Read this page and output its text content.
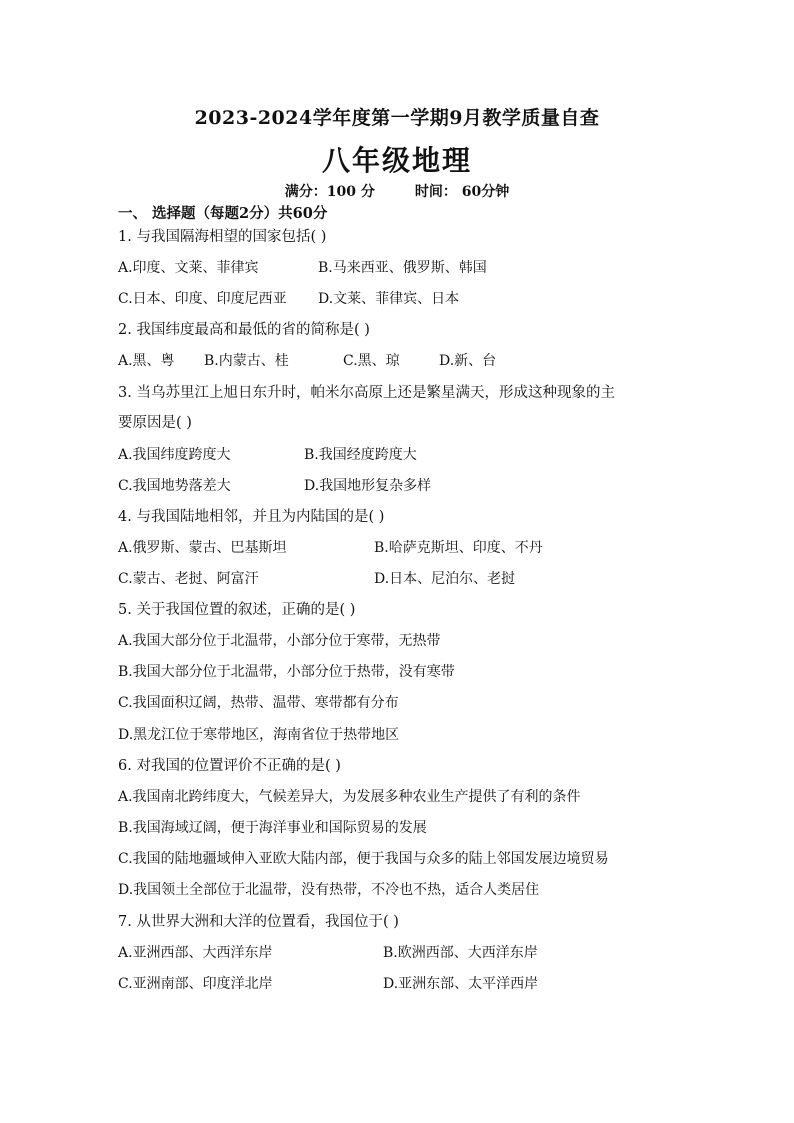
2023-2024学年度第一学期9月教学质量自查
八年级地理
满分：100 分	时间： 60分钟
一、 选择题（每题2分）共60分
1. 与我国隔海相望的国家包括( )
A.印度、文莱、菲律宾	B.马来西亚、俄罗斯、韩国
C.日本、印度、印度尼西亚 D.文莱、菲律宾、日本
2. 我国纬度最高和最低的省的简称是( )
A.黑、粤 B.内蒙古、桂	C.黑、琼	D.新、台
3. 当乌苏里江上旭日东升时，帕米尔高原上还是繁星满天，形成这种现象的主
要原因是( )
A.我国纬度跨度大	B.我国经度跨度大
C.我国地势落差大	D.我国地形复杂多样
4. 与我国陆地相邻，并且为内陆国的是( )
A.俄罗斯、蒙古、巴基斯坦	B.哈萨克斯坦、印度、不丹
C.蒙古、老挝、阿富汗	D.日本、尼泊尔、老挝
5. 关于我国位置的叙述，正确的是( )
A.我国大部分位于北温带，小部分位于寒带，无热带
B.我国大部分位于北温带，小部分位于热带，没有寒带
C.我国面积辽阔，热带、温带、寒带都有分布
D.黑龙江位于寒带地区，海南省位于热带地区
6. 对我国的位置评价不正确的是( )
A.我国南北跨纬度大，气候差异大，为发展多种农业生产提供了有利的条件
B.我国海域辽阔，便于海洋事业和国际贸易的发展
C.我国的陆地疆域伸入亚欧大陆内部，便于我国与众多的陆上邻国发展边境贸易
D.我国领土全部位于北温带，没有热带，不冷也不热，适合人类居住
7. 从世界大洲和大洋的位置看，我国位于( )
A.亚洲西部、大西洋东岸	B.欧洲西部、大西洋东岸
C.亚洲南部、印度洋北岸	D.亚洲东部、太平洋西岸
